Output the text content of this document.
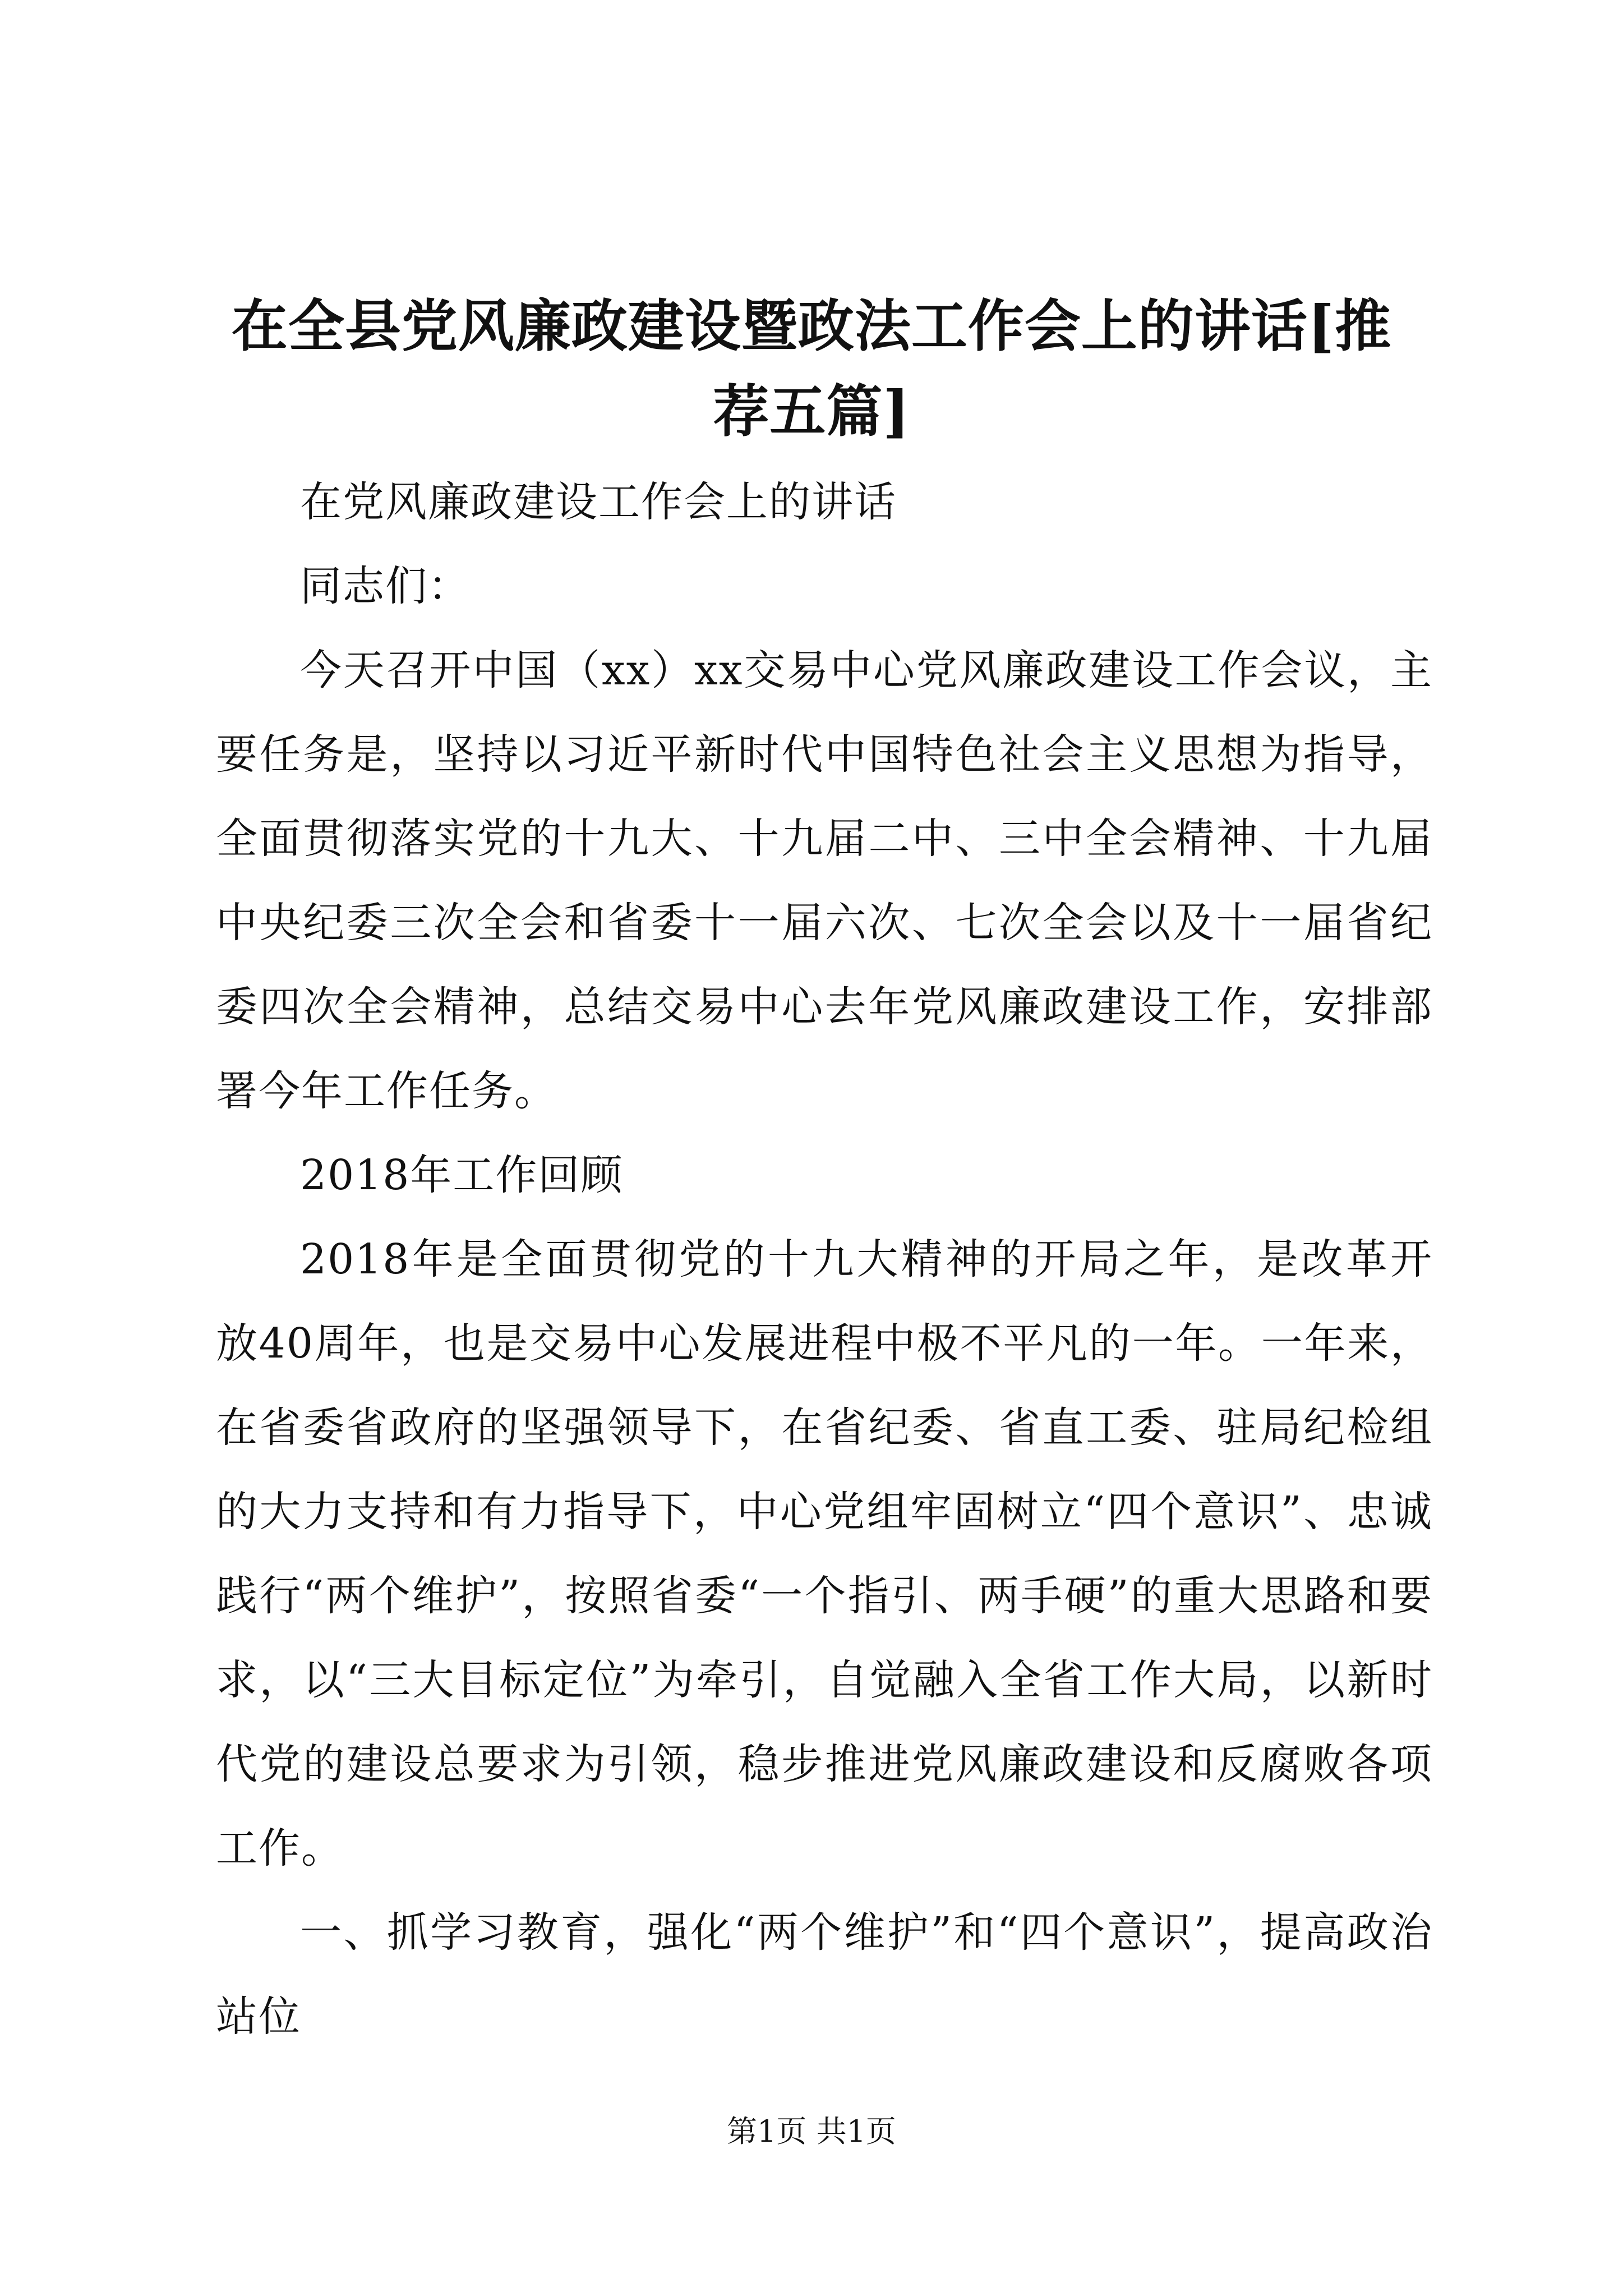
在全县党风廉政建设暨政法工作会上的讲话[推荐五篇]

在党风廉政建设工作会上的讲话

同志们：

今天召开中国（xx）xx交易中心党风廉政建设工作会议，主要任务是，坚持以习近平新时代中国特色社会主义思想为指导，全面贯彻落实党的十九大、十九届二中、三中全会精神、十九届中央纪委三次全会和省委十一届六次、七次全会以及十一届省纪委四次全会精神，总结交易中心去年党风廉政建设工作，安排部署今年工作任务。

2018年工作回顾

2018年是全面贯彻党的十九大精神的开局之年，是改革开放40周年，也是交易中心发展进程中极不平凡的一年。一年来，在省委省政府的坚强领导下，在省纪委、省直工委、驻局纪检组的大力支持和有力指导下，中心党组牢固树立“四个意识”、忠诚践行“两个维护”，按照省委“一个指引、两手硬”的重大思路和要求，以“三大目标定位”为牵引，自觉融入全省工作大局，以新时代党的建设总要求为引领，稳步推进党风廉政建设和反腐败各项工作。

一、抓学习教育，强化“两个维护”和“四个意识”，提高政治站位

第1页 共1页
